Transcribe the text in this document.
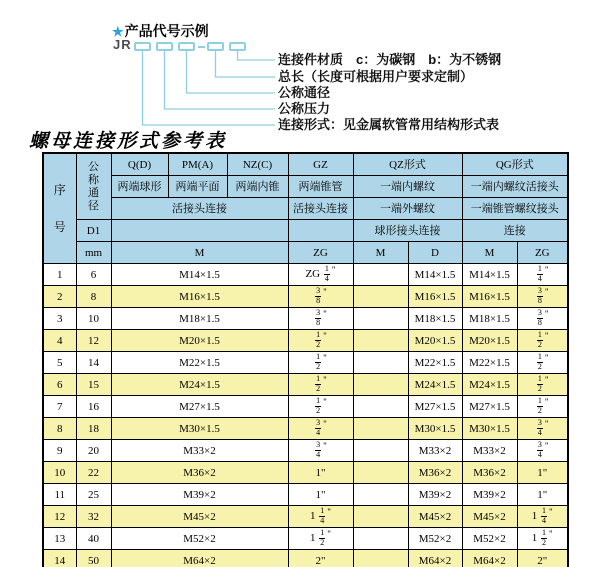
★产品代号示例
JR
连接件材质　c：为碳钢　b：为不锈钢
总长（长度可根据用户要求定制）
公称通径
公称压力
连接形式：见金属软管常用结构形式表
螺母连接形式参考表
序
号

公
称
通
径
	Q(D)	PM(A)	NZ(C)	GZ	QZ形式	QG形式
		两端球形	两端平面	两端内锥	两端锥管	一端内螺纹		一端内螺纹活接头	
		活接头连接			活接头连接	一端外螺纹		一端锥管螺纹接头	
	D1					球形接头连接		连接	
	mm	M			ZG	M	D	M	ZG
1	6	M14×1.5			ZG $\frac{1}{4} ^"$		M14×1.5	M14×1.5	$\frac{1}{4} ^"$
2	8	M16×1.5			$\frac{3}{8} ^"$		M16×1.5	M16×1.5	$\frac{3}{8} ^"$
3	10	M18×1.5			$\frac{3}{8} ^"$		M18×1.5	M18×1.5	$\frac{3}{8} ^"$
4	12	M20×1.5			$\frac{1}{2} ^"$		M20×1.5	M20×1.5	$\frac{1}{2} ^"$
5	14	M22×1.5			$\frac{1}{2} ^"$		M22×1.5	M22×1.5	$\frac{1}{2} ^"$
6	15	M24×1.5			$\frac{1}{2} ^"$		M24×1.5	M24×1.5	$\frac{1}{2} ^"$
7	16	M27×1.5			$\frac{1}{2} ^"$		M27×1.5	M27×1.5	$\frac{1}{2} ^"$
8	18	M30×1.5			$\frac{3}{4} ^"$		M30×1.5	M30×1.5	$\frac{3}{4} ^"$
9	20	M33×2			$\frac{3}{4} ^"$		M33×2	M33×2	$\frac{3}{4} ^"$
10	22	M36×2			1"		M36×2	M36×2	1"
11	25	M39×2			1"		M39×2	M39×2	1"
12	32	M45×2			$1 \frac{1}{4} ^"$		M45×2	M45×2	$1 \frac{1}{4} ^"$
13	40	M52×2			$1 \frac{1}{2} ^"$		M52×2	M52×2	$1 \frac{1}{2} ^"$
14	50	M64×2			2"		M64×2	M64×2	2"
